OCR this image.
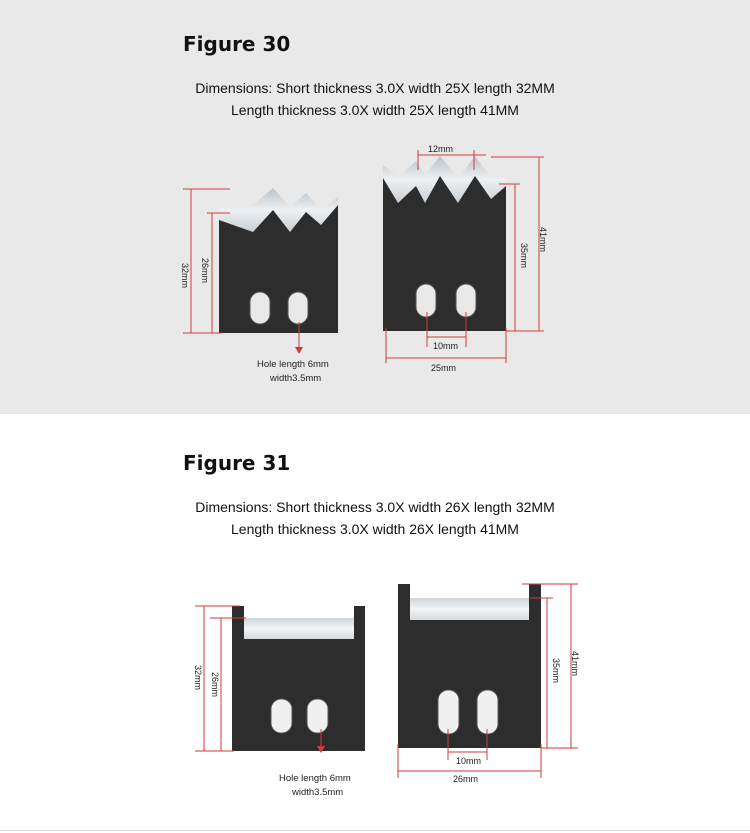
Figure 30
Dimensions: Short thickness 3.0X width 25X length 32MM
Length thickness 3.0X width 25X length 41MM
32mm 26mm
Hole length 6mm
width3.5mm
12mm
41mm
35mm
10mm
25mm
Figure 31
Dimensions: Short thickness 3.0X width 26X length 32MM
Length thickness 3.0X width 26X length 41MM
32mm 26mm
Hole length 6mm
width3.5mm
41mm
35mm
10mm
26mm
